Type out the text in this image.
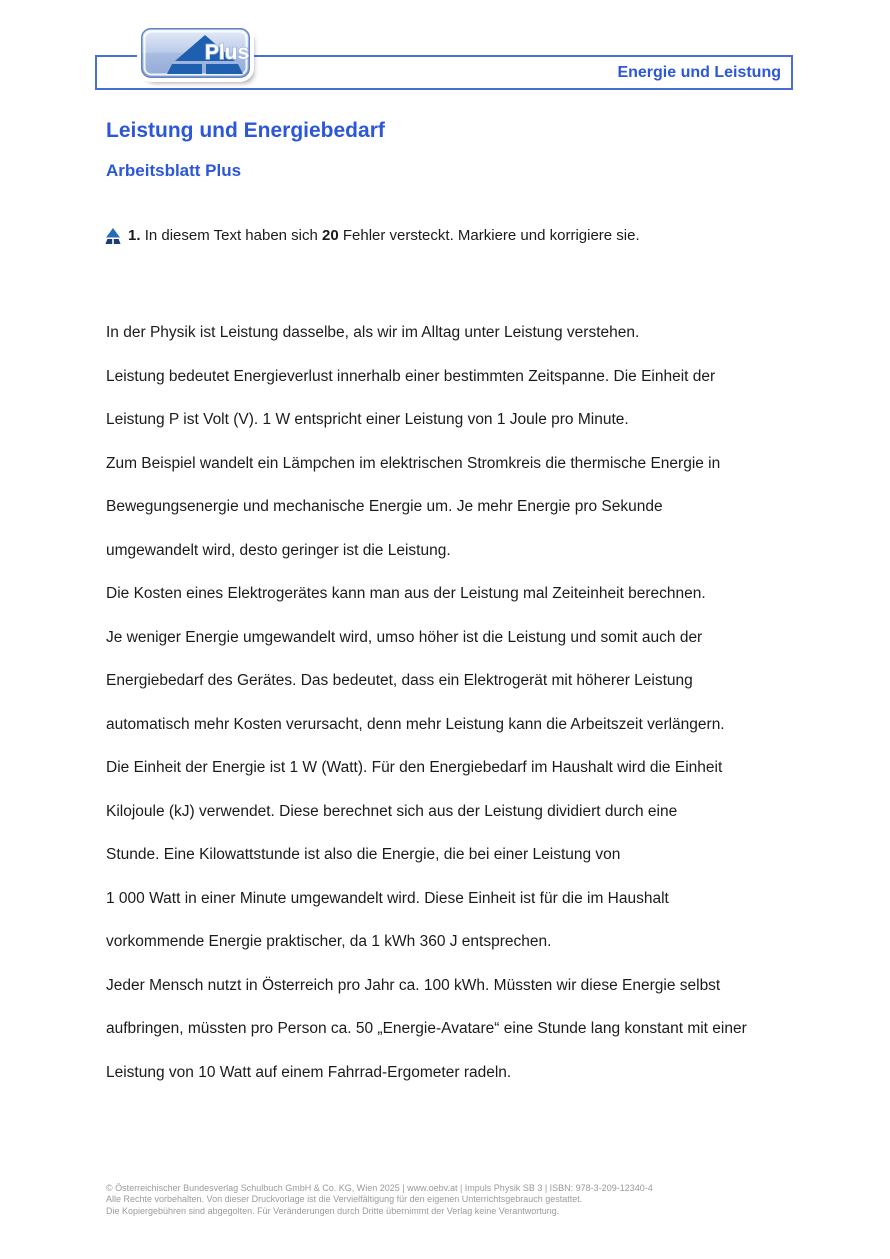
Energie und Leistung
Plus
Leistung und Energiebedarf
Arbeitsblatt Plus
1. In diesem Text haben sich 20 Fehler versteckt. Markiere und korrigiere sie.
In der Physik ist Leistung dasselbe, als wir im Alltag unter Leistung verstehen.
Leistung bedeutet Energieverlust innerhalb einer bestimmten Zeitspanne. Die Einheit der
Leistung P ist Volt (V). 1 W entspricht einer Leistung von 1 Joule pro Minute.
Zum Beispiel wandelt ein Lämpchen im elektrischen Stromkreis die thermische Energie in
Bewegungsenergie und mechanische Energie um. Je mehr Energie pro Sekunde
umgewandelt wird, desto geringer ist die Leistung.
Die Kosten eines Elektrogerätes kann man aus der Leistung mal Zeiteinheit berechnen.
Je weniger Energie umgewandelt wird, umso höher ist die Leistung und somit auch der
Energiebedarf des Gerätes. Das bedeutet, dass ein Elektrogerät mit höherer Leistung
automatisch mehr Kosten verursacht, denn mehr Leistung kann die Arbeitszeit verlängern.
Die Einheit der Energie ist 1 W (Watt). Für den Energiebedarf im Haushalt wird die Einheit
Kilojoule (kJ) verwendet. Diese berechnet sich aus der Leistung dividiert durch eine
Stunde. Eine Kilowattstunde ist also die Energie, die bei einer Leistung von
1 000 Watt in einer Minute umgewandelt wird. Diese Einheit ist für die im Haushalt
vorkommende Energie praktischer, da 1 kWh 360 J entsprechen.
Jeder Mensch nutzt in Österreich pro Jahr ca. 100 kWh. Müssten wir diese Energie selbst
aufbringen, müssten pro Person ca. 50 „Energie-Avatare“ eine Stunde lang konstant mit einer
Leistung von 10 Watt auf einem Fahrrad-Ergometer radeln.
© Österreichischer Bundesverlag Schulbuch GmbH & Co. KG, Wien 2025 | www.oebv.at | Impuls Physik SB 3 | ISBN: 978-3-209-12340-4
Alle Rechte vorbehalten. Von dieser Druckvorlage ist die Vervielfältigung für den eigenen Unterrichtsgebrauch gestattet.
Die Kopiergebühren sind abgegolten. Für Veränderungen durch Dritte übernimmt der Verlag keine Verantwortung.
